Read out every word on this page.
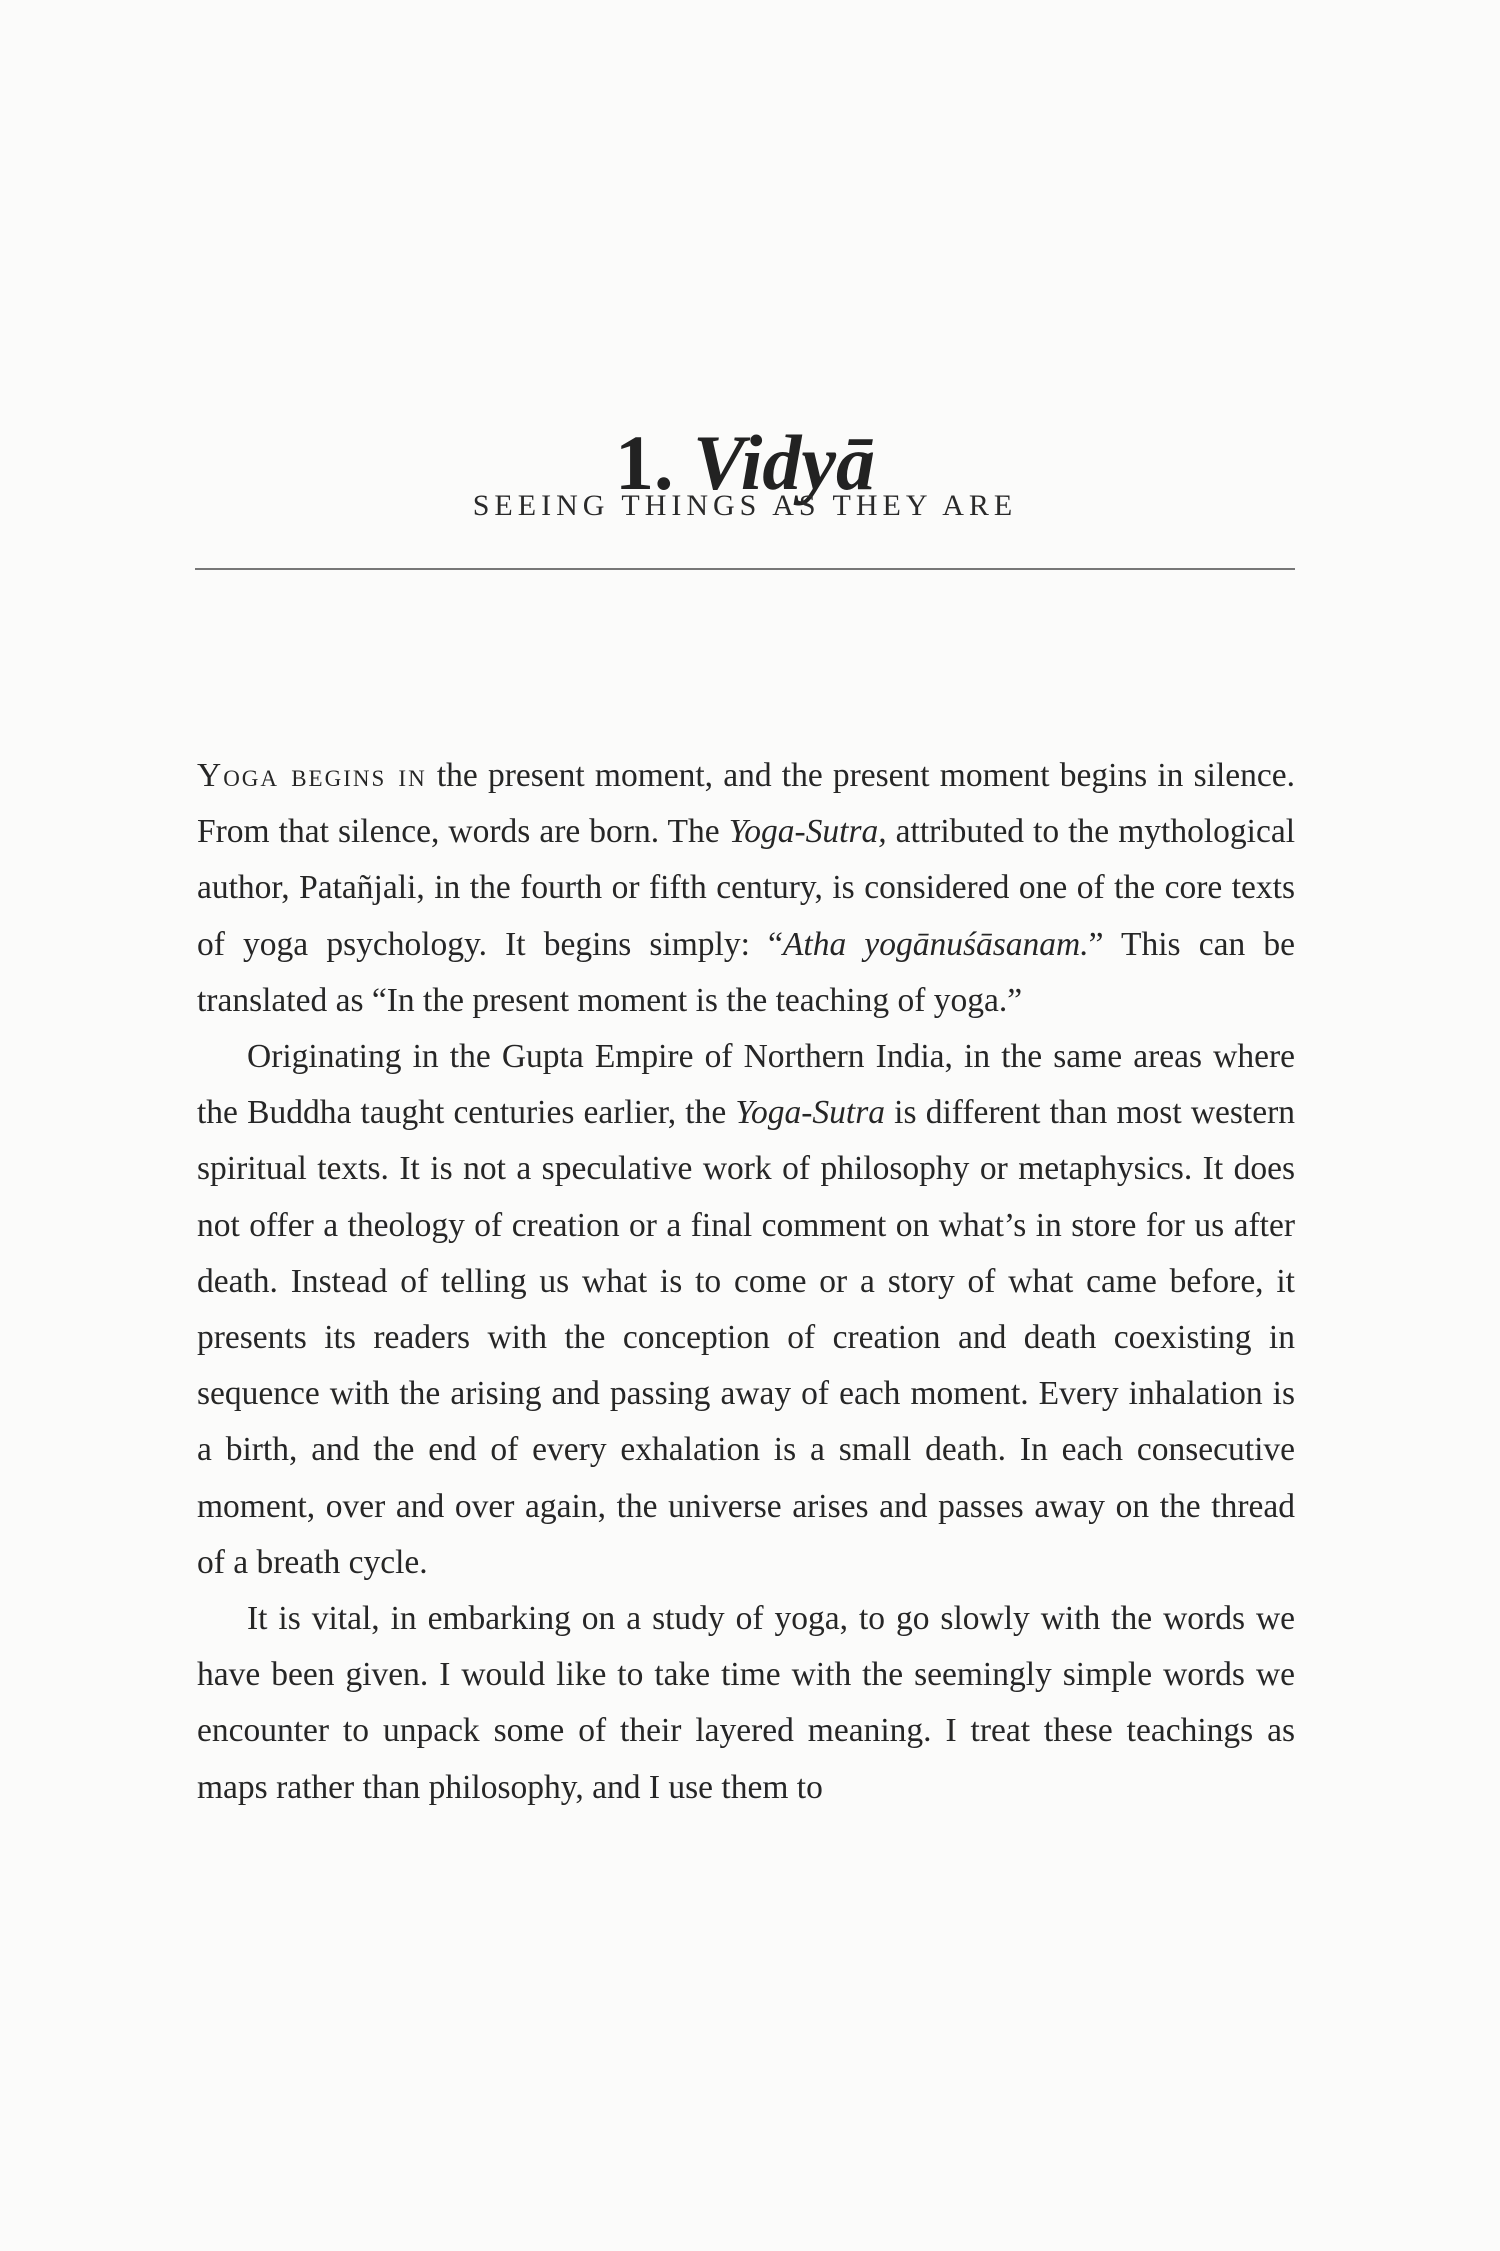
1. Vidyā
SEEING THINGS AS THEY ARE

Yoga begins in the present moment, and the present moment begins in silence. From that silence, words are born. The Yoga-Sutra, attributed to the mythological author, Patañjali, in the fourth or fifth century, is considered one of the core texts of yoga psychology. It begins simply: “Atha yogānuśāsanam.” This can be translated as “In the present moment is the teaching of yoga.”

Originating in the Gupta Empire of Northern India, in the same areas where the Buddha taught centuries earlier, the Yoga-Sutra is different than most western spiritual texts. It is not a speculative work of philosophy or metaphysics. It does not offer a theology of creation or a final comment on what’s in store for us after death. Instead of telling us what is to come or a story of what came before, it presents its readers with the conception of creation and death coexisting in sequence with the arising and passing away of each moment. Every inhalation is a birth, and the end of every exhalation is a small death. In each consecutive moment, over and over again, the universe arises and passes away on the thread of a breath cycle.

It is vital, in embarking on a study of yoga, to go slowly with the words we have been given. I would like to take time with the seemingly simple words we encounter to unpack some of their layered meaning. I treat these teachings as maps rather than philosophy, and I use them to
